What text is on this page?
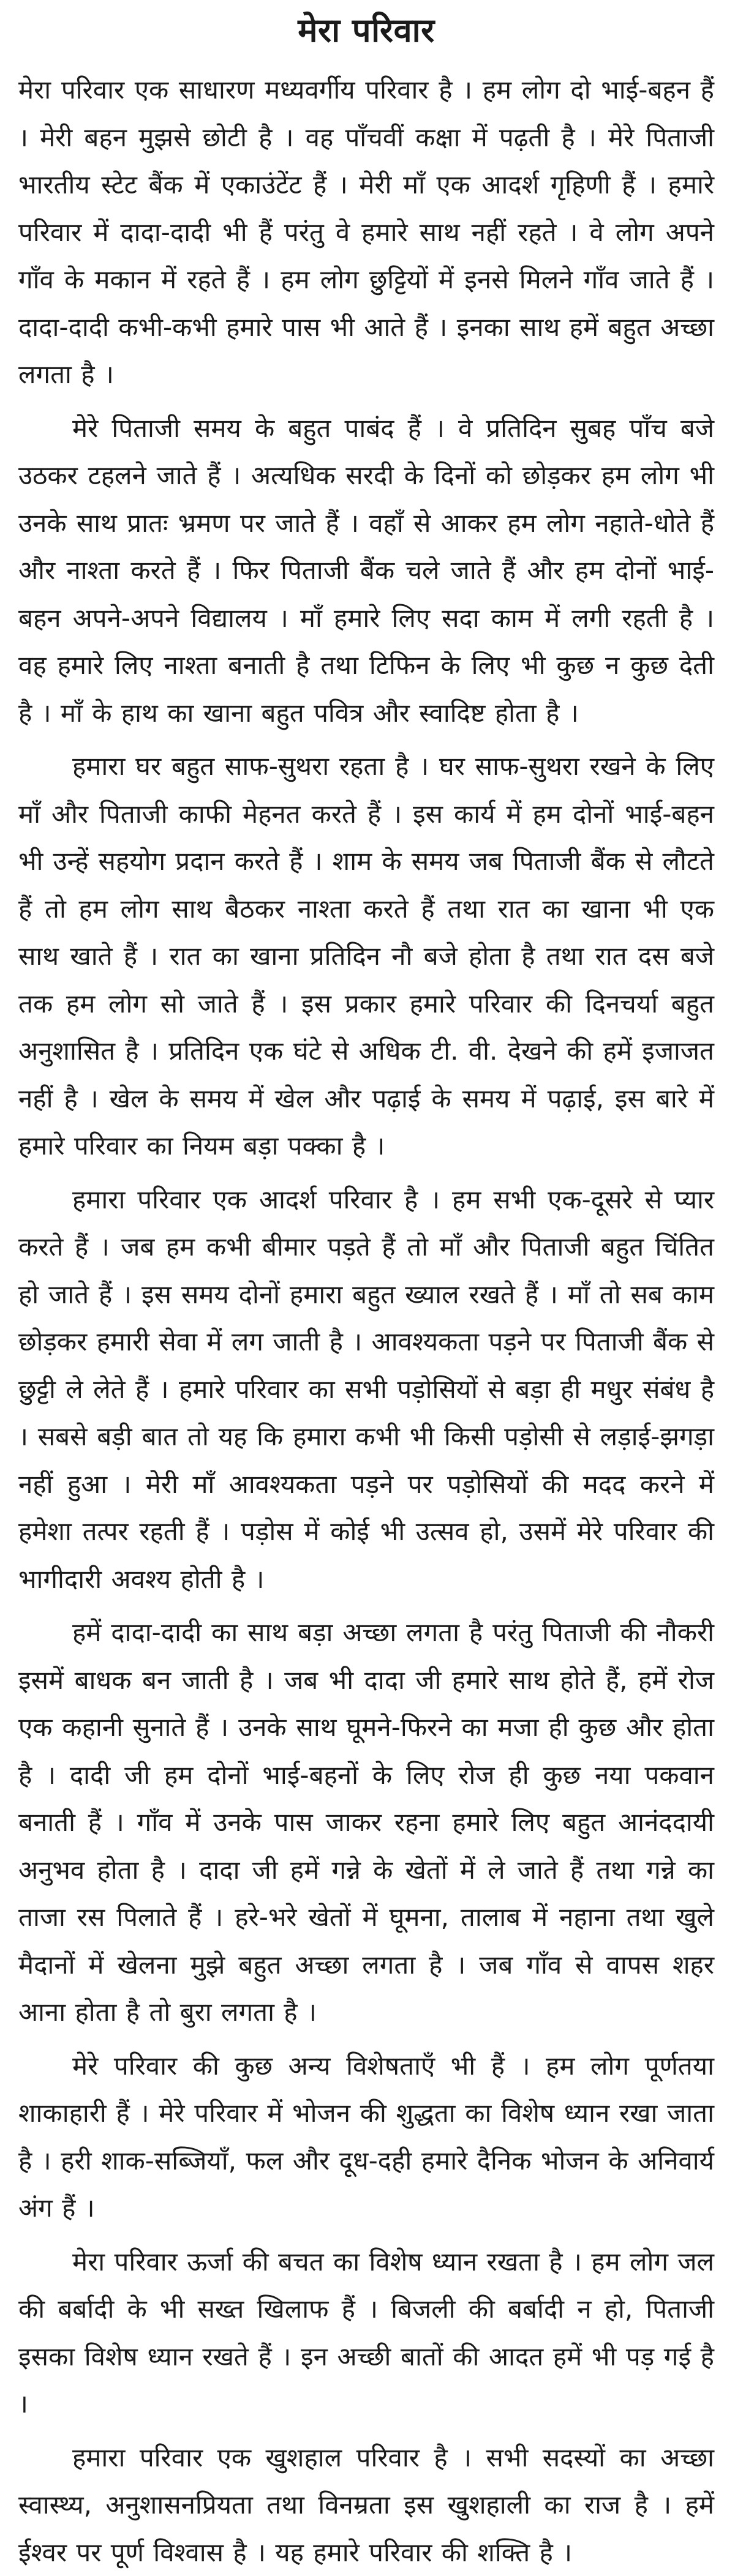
मेरा परिवार

मेरा परिवार एक साधारण मध्यवर्गीय परिवार है । हम लोग दो भाई-बहन हैं । मेरी बहन मुझसे छोटी है । वह पाँचवीं कक्षा में पढ़ती है । मेरे पिताजी भारतीय स्टेट बैंक में एकाउंटेंट हैं । मेरी माँ एक आदर्श गृहिणी हैं । हमारे परिवार में दादा-दादी भी हैं परंतु वे हमारे साथ नहीं रहते । वे लोग अपने गाँव के मकान में रहते हैं । हम लोग छुट्टियों में इनसे मिलने गाँव जाते हैं । दादा-दादी कभी-कभी हमारे पास भी आते हैं । इनका साथ हमें बहुत अच्छा लगता है ।

मेरे पिताजी समय के बहुत पाबंद हैं । वे प्रतिदिन सुबह पाँच बजे उठकर टहलने जाते हैं । अत्यधिक सरदी के दिनों को छोड़कर हम लोग भी उनके साथ प्रातः भ्रमण पर जाते हैं । वहाँ से आकर हम लोग नहाते-धोते हैं और नाश्ता करते हैं । फिर पिताजी बैंक चले जाते हैं और हम दोनों भाई-बहन अपने-अपने विद्यालय । माँ हमारे लिए सदा काम में लगी रहती है । वह हमारे लिए नाश्ता बनाती है तथा टिफिन के लिए भी कुछ न कुछ देती है । माँ के हाथ का खाना बहुत पवित्र और स्वादिष्ट होता है ।

हमारा घर बहुत साफ-सुथरा रहता है । घर साफ-सुथरा रखने के लिए माँ और पिताजी काफी मेहनत करते हैं । इस कार्य में हम दोनों भाई-बहन भी उन्हें सहयोग प्रदान करते हैं । शाम के समय जब पिताजी बैंक से लौटते हैं तो हम लोग साथ बैठकर नाश्ता करते हैं तथा रात का खाना भी एक साथ खाते हैं । रात का खाना प्रतिदिन नौ बजे होता है तथा रात दस बजे तक हम लोग सो जाते हैं । इस प्रकार हमारे परिवार की दिनचर्या बहुत अनुशासित है । प्रतिदिन एक घंटे से अधिक टी. वी. देखने की हमें इजाजत नहीं है । खेल के समय में खेल और पढ़ाई के समय में पढ़ाई, इस बारे में हमारे परिवार का नियम बड़ा पक्का है ।

हमारा परिवार एक आदर्श परिवार है । हम सभी एक-दूसरे से प्यार करते हैं । जब हम कभी बीमार पड़ते हैं तो माँ और पिताजी बहुत चिंतित हो जाते हैं । इस समय दोनों हमारा बहुत ख्याल रखते हैं । माँ तो सब काम छोड़कर हमारी सेवा में लग जाती है । आवश्यकता पड़ने पर पिताजी बैंक से छुट्टी ले लेते हैं । हमारे परिवार का सभी पड़ोसियों से बड़ा ही मधुर संबंध है । सबसे बड़ी बात तो यह कि हमारा कभी भी किसी पड़ोसी से लड़ाई-झगड़ा नहीं हुआ । मेरी माँ आवश्यकता पड़ने पर पड़ोसियों की मदद करने में हमेशा तत्पर रहती हैं । पड़ोस में कोई भी उत्सव हो, उसमें मेरे परिवार की भागीदारी अवश्य होती है ।

हमें दादा-दादी का साथ बड़ा अच्छा लगता है परंतु पिताजी की नौकरी इसमें बाधक बन जाती है । जब भी दादा जी हमारे साथ होते हैं, हमें रोज एक कहानी सुनाते हैं । उनके साथ घूमने-फिरने का मजा ही कुछ और होता है । दादी जी हम दोनों भाई-बहनों के लिए रोज ही कुछ नया पकवान बनाती हैं । गाँव में उनके पास जाकर रहना हमारे लिए बहुत आनंददायी अनुभव होता है । दादा जी हमें गन्ने के खेतों में ले जाते हैं तथा गन्ने का ताजा रस पिलाते हैं । हरे-भरे खेतों में घूमना, तालाब में नहाना तथा खुले मैदानों में खेलना मुझे बहुत अच्छा लगता है । जब गाँव से वापस शहर आना होता है तो बुरा लगता है ।

मेरे परिवार की कुछ अन्य विशेषताएँ भी हैं । हम लोग पूर्णतया शाकाहारी हैं । मेरे परिवार में भोजन की शुद्धता का विशेष ध्यान रखा जाता है । हरी शाक-सब्जियाँ, फल और दूध-दही हमारे दैनिक भोजन के अनिवार्य अंग हैं ।

मेरा परिवार ऊर्जा की बचत का विशेष ध्यान रखता है । हम लोग जल की बर्बादी के भी सख्त खिलाफ हैं । बिजली की बर्बादी न हो, पिताजी इसका विशेष ध्यान रखते हैं । इन अच्छी बातों की आदत हमें भी पड़ गई है ।

हमारा परिवार एक खुशहाल परिवार है । सभी सदस्यों का अच्छा स्वास्थ्य, अनुशासनप्रियता तथा विनम्रता इस खुशहाली का राज है । हमें ईश्वर पर पूर्ण विश्वास है । यह हमारे परिवार की शक्ति है ।
